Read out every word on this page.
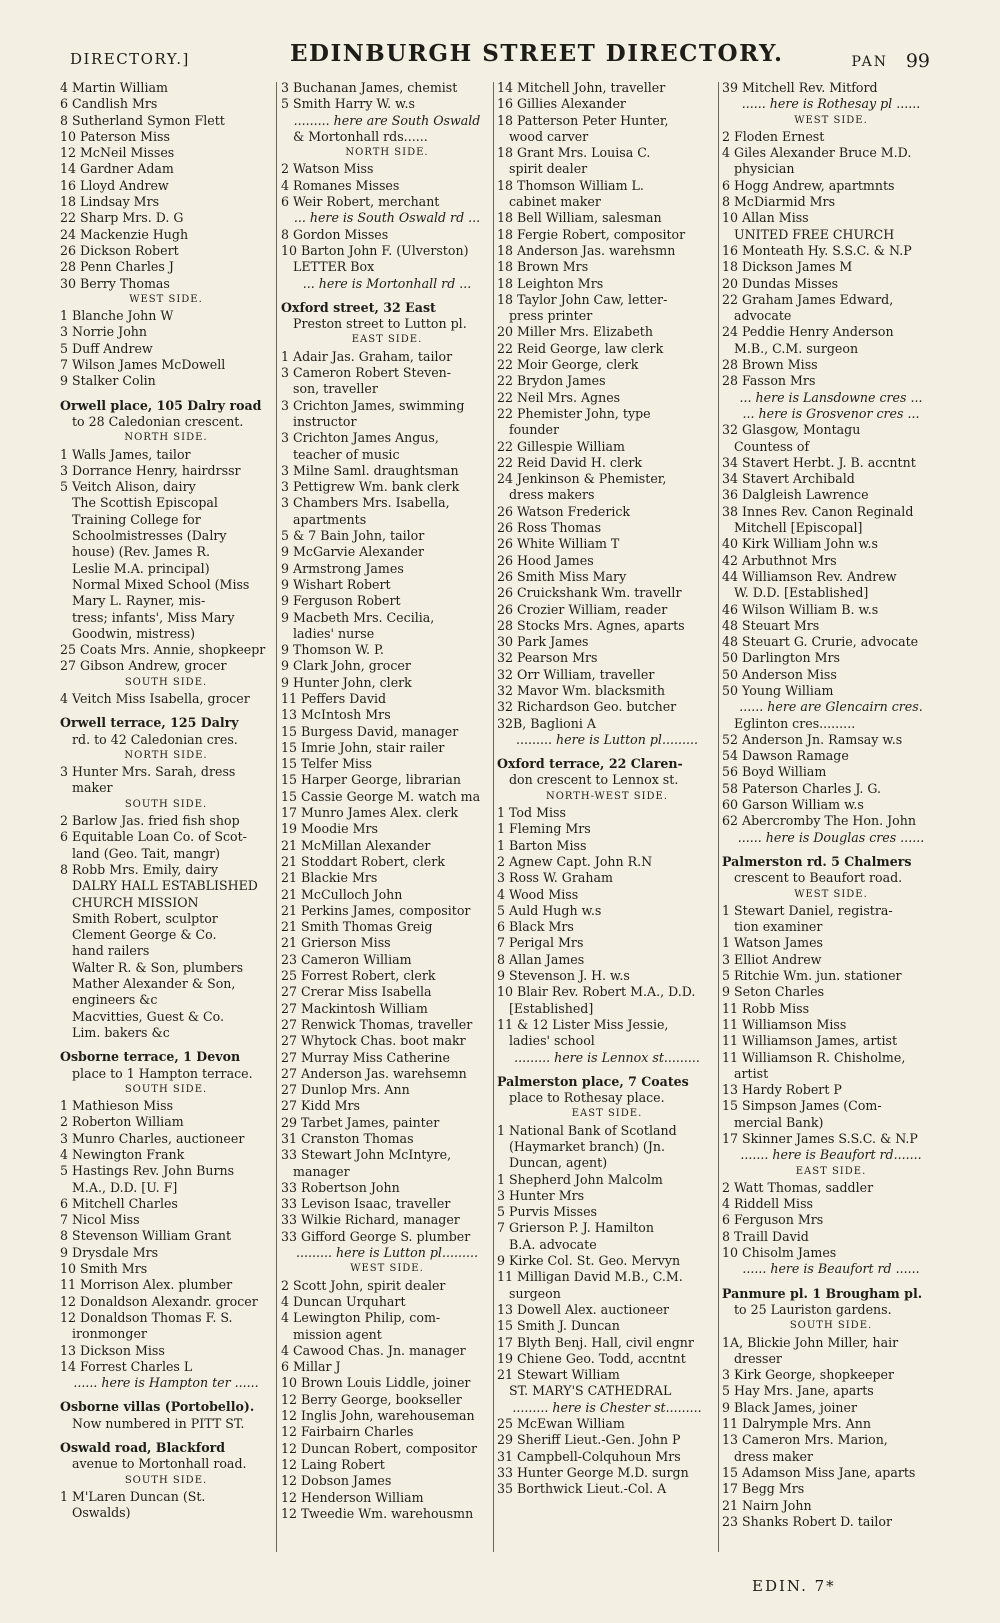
DIRECTORY.]	EDINBURGH STREET DIRECTORY.	PAN 99
4 Martin William
6 Candlish Mrs
8 Sutherland Symon Flett
10 Paterson Miss
12 McNeil Misses
14 Gardner Adam
16 Lloyd Andrew
18 Lindsay Mrs
22 Sharp Mrs. D. G
24 Mackenzie Hugh
26 Dickson Robert
28 Penn Charles J
30 Berry Thomas
WEST SIDE.
1 Blanche John W
3 Norrie John
5 Duff Andrew
7 Wilson James McDowell
9 Stalker Colin
Orwell place, 105 Dalry road
to 28 Caledonian crescent.
NORTH SIDE.
1 Walls James, tailor
3 Dorrance Henry, hairdrssr
5 Veitch Alison, dairy
The Scottish Episcopal
Training College for
Schoolmistresses (Dalry
house) (Rev. James R.
Leslie M.A. principal)
Normal Mixed School (Miss
Mary L. Rayner, mis-
tress; infants', Miss Mary
Goodwin, mistress)
25 Coats Mrs. Annie, shopkeepr
27 Gibson Andrew, grocer
SOUTH SIDE.
4 Veitch Miss Isabella, grocer
Orwell terrace, 125 Dalry
rd. to 42 Caledonian cres.
NORTH SIDE.
3 Hunter Mrs. Sarah, dress
maker
SOUTH SIDE.
2 Barlow Jas. fried fish shop
6 Equitable Loan Co. of Scot-
land (Geo. Tait, mangr)
8 Robb Mrs. Emily, dairy
DALRY HALL ESTABLISHED
CHURCH MISSION
Smith Robert, sculptor
Clement George & Co.
hand railers
Walter R. & Son, plumbers
Mather Alexander & Son,
engineers &c
Macvitties, Guest & Co.
Lim. bakers &c
Osborne terrace, 1 Devon
place to 1 Hampton terrace.
SOUTH SIDE.
1 Mathieson Miss
2 Roberton William
3 Munro Charles, auctioneer
4 Newington Frank
5 Hastings Rev. John Burns
M.A., D.D. [U. F]
6 Mitchell Charles
7 Nicol Miss
8 Stevenson William Grant
9 Drysdale Mrs
10 Smith Mrs
11 Morrison Alex. plumber
12 Donaldson Alexandr. grocer
12 Donaldson Thomas F. S.
ironmonger
13 Dickson Miss
14 Forrest Charles L
...... here is Hampton ter ......
Osborne villas (Portobello).
Now numbered in PITT ST.
Oswald road, Blackford
avenue to Mortonhall road.
SOUTH SIDE.
1 M'Laren Duncan (St.
Oswalds)
3 Buchanan James, chemist
5 Smith Harry W. w.s
......... here are South Oswald
& Mortonhall rds......
NORTH SIDE.
2 Watson Miss
4 Romanes Misses
6 Weir Robert, merchant
... here is South Oswald rd ...
8 Gordon Misses
10 Barton John F. (Ulverston)
LETTER Box
... here is Mortonhall rd ...
Oxford street, 32 East
Preston street to Lutton pl.
EAST SIDE.
1 Adair Jas. Graham, tailor
3 Cameron Robert Steven-
son, traveller
3 Crichton James, swimming
instructor
3 Crichton James Angus,
teacher of music
3 Milne Saml. draughtsman
3 Pettigrew Wm. bank clerk
3 Chambers Mrs. Isabella,
apartments
5 & 7 Bain John, tailor
9 McGarvie Alexander
9 Armstrong James
9 Wishart Robert
9 Ferguson Robert
9 Macbeth Mrs. Cecilia,
ladies' nurse
9 Thomson W. P.
9 Clark John, grocer
9 Hunter John, clerk
11 Peffers David
13 McIntosh Mrs
15 Burgess David, manager
15 Imrie John, stair railer
15 Telfer Miss
15 Harper George, librarian
15 Cassie George M. watch ma
17 Munro James Alex. clerk
19 Moodie Mrs
21 McMillan Alexander
21 Stoddart Robert, clerk
21 Blackie Mrs
21 McCulloch John
21 Perkins James, compositor
21 Smith Thomas Greig
21 Grierson Miss
23 Cameron William
25 Forrest Robert, clerk
27 Crerar Miss Isabella
27 Mackintosh William
27 Renwick Thomas, traveller
27 Whytock Chas. boot makr
27 Murray Miss Catherine
27 Anderson Jas. warehsemn
27 Dunlop Mrs. Ann
27 Kidd Mrs
29 Tarbet James, painter
31 Cranston Thomas
33 Stewart John McIntyre,
manager
33 Robertson John
33 Levison Isaac, traveller
33 Wilkie Richard, manager
33 Gifford George S. plumber
......... here is Lutton pl.........
WEST SIDE.
2 Scott John, spirit dealer
4 Duncan Urquhart
4 Lewington Philip, com-
mission agent
4 Cawood Chas. Jn. manager
6 Millar J
10 Brown Louis Liddle, joiner
12 Berry George, bookseller
12 Inglis John, warehouseman
12 Fairbairn Charles
12 Duncan Robert, compositor
12 Laing Robert
12 Dobson James
12 Henderson William
12 Tweedie Wm. warehousmn
14 Mitchell John, traveller
16 Gillies Alexander
18 Patterson Peter Hunter,
wood carver
18 Grant Mrs. Louisa C.
spirit dealer
18 Thomson William L.
cabinet maker
18 Bell William, salesman
18 Fergie Robert, compositor
18 Anderson Jas. warehsmn
18 Brown Mrs
18 Leighton Mrs
18 Taylor John Caw, letter-
press printer
20 Miller Mrs. Elizabeth
22 Reid George, law clerk
22 Moir George, clerk
22 Brydon James
22 Neil Mrs. Agnes
22 Phemister John, type
founder
22 Gillespie William
22 Reid David H. clerk
24 Jenkinson & Phemister,
dress makers
26 Watson Frederick
26 Ross Thomas
26 White William T
26 Hood James
26 Smith Miss Mary
26 Cruickshank Wm. travellr
26 Crozier William, reader
28 Stocks Mrs. Agnes, aparts
30 Park James
32 Pearson Mrs
32 Orr William, traveller
32 Mavor Wm. blacksmith
32 Richardson Geo. butcher
32B, Baglioni A
......... here is Lutton pl.........
Oxford terrace, 22 Claren-
don crescent to Lennox st.
NORTH-WEST SIDE.
1 Tod Miss
1 Fleming Mrs
1 Barton Miss
2 Agnew Capt. John R.N
3 Ross W. Graham
4 Wood Miss
5 Auld Hugh w.s
6 Black Mrs
7 Perigal Mrs
8 Allan James
9 Stevenson J. H. w.s
10 Blair Rev. Robert M.A., D.D.
[Established]
11 & 12 Lister Miss Jessie,
ladies' school
......... here is Lennox st.........
Palmerston place, 7 Coates
place to Rothesay place.
EAST SIDE.
1 National Bank of Scotland
(Haymarket branch) (Jn.
Duncan, agent)
1 Shepherd John Malcolm
3 Hunter Mrs
5 Purvis Misses
7 Grierson P. J. Hamilton
B.A. advocate
9 Kirke Col. St. Geo. Mervyn
11 Milligan David M.B., C.M.
surgeon
13 Dowell Alex. auctioneer
15 Smith J. Duncan
17 Blyth Benj. Hall, civil engnr
19 Chiene Geo. Todd, accntnt
21 Stewart William
ST. MARY'S CATHEDRAL
......... here is Chester st.........
25 McEwan William
29 Sheriff Lieut.-Gen. John P
31 Campbell-Colquhoun Mrs
33 Hunter George M.D. surgn
35 Borthwick Lieut.-Col. A
39 Mitchell Rev. Mitford
...... here is Rothesay pl ......
WEST SIDE.
2 Floden Ernest
4 Giles Alexander Bruce M.D.
physician
6 Hogg Andrew, apartmnts
8 McDiarmid Mrs
10 Allan Miss
UNITED FREE CHURCH
16 Monteath Hy. S.S.C. & N.P
18 Dickson James M
20 Dundas Misses
22 Graham James Edward,
advocate
24 Peddie Henry Anderson
M.B., C.M. surgeon
28 Brown Miss
28 Fasson Mrs
... here is Lansdowne cres ...
... here is Grosvenor cres ...
32 Glasgow, Montagu
Countess of
34 Stavert Herbt. J. B. accntnt
34 Stavert Archibald
36 Dalgleish Lawrence
38 Innes Rev. Canon Reginald
Mitchell [Episcopal]
40 Kirk William John w.s
42 Arbuthnot Mrs
44 Williamson Rev. Andrew
W. D.D. [Established]
46 Wilson William B. w.s
48 Steuart Mrs
48 Steuart G. Crurie, advocate
50 Darlington Mrs
50 Anderson Miss
50 Young William
...... here are Glencairn cres.
Eglinton cres.........
52 Anderson Jn. Ramsay w.s
54 Dawson Ramage
56 Boyd William
58 Paterson Charles J. G.
60 Garson William w.s
62 Abercromby The Hon. John
...... here is Douglas cres ......
Palmerston rd. 5 Chalmers
crescent to Beaufort road.
WEST SIDE.
1 Stewart Daniel, registra-
tion examiner
1 Watson James
3 Elliot Andrew
5 Ritchie Wm. jun. stationer
9 Seton Charles
11 Robb Miss
11 Williamson Miss
11 Williamson James, artist
11 Williamson R. Chisholme,
artist
13 Hardy Robert P
15 Simpson James (Com-
mercial Bank)
17 Skinner James S.S.C. & N.P
....... here is Beaufort rd.......
EAST SIDE.
2 Watt Thomas, saddler
4 Riddell Miss
6 Ferguson Mrs
8 Traill David
10 Chisolm James
...... here is Beaufort rd ......
Panmure pl. 1 Brougham pl.
to 25 Lauriston gardens.
SOUTH SIDE.
1A, Blickie John Miller, hair
dresser
3 Kirk George, shopkeeper
5 Hay Mrs. Jane, aparts
9 Black James, joiner
11 Dalrymple Mrs. Ann
13 Cameron Mrs. Marion,
dress maker
15 Adamson Miss Jane, aparts
17 Begg Mrs
21 Nairn John
23 Shanks Robert D. tailor
EDIN. 7*
